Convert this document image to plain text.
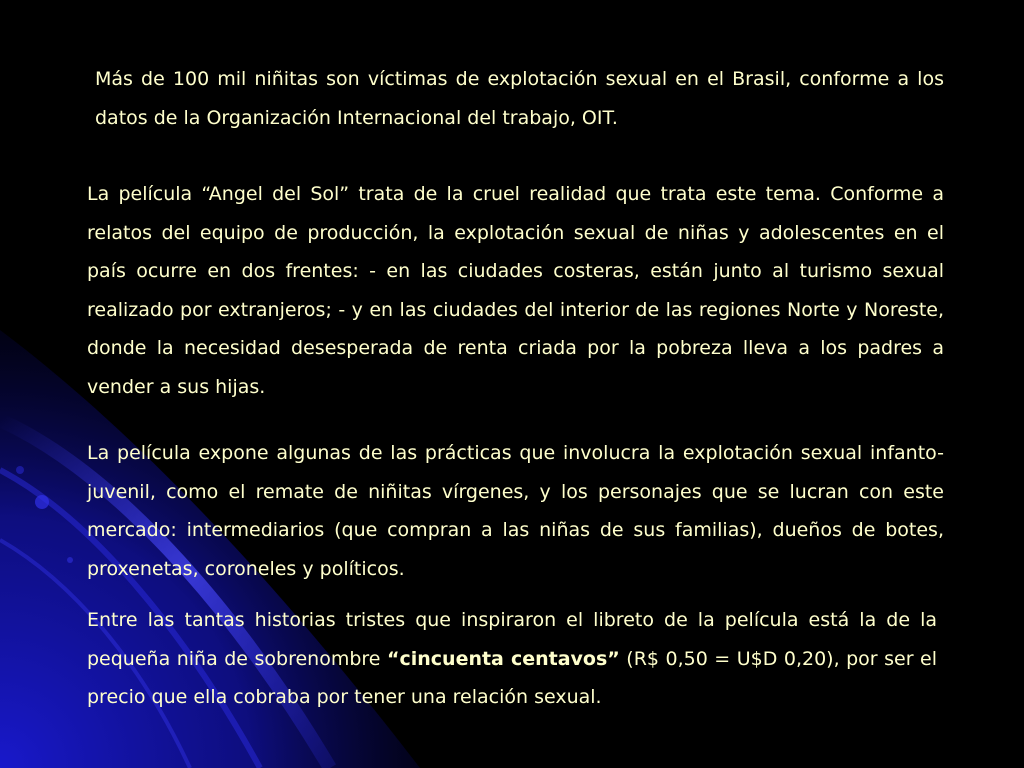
Más de 100 mil niñitas son víctimas de explotación sexual en el Brasil, conforme a los datos de la Organización Internacional del trabajo, OIT.

La película “Angel del Sol” trata de la cruel realidad que trata este tema. Conforme a relatos del equipo de producción, la explotación sexual de niñas y adolescentes en el país ocurre en dos frentes: - en las ciudades costeras, están junto al turismo sexual realizado por extranjeros; - y en las ciudades del interior de las regiones Norte y Noreste, donde la necesidad desesperada de renta criada por la pobreza lleva a los padres a vender a sus hijas.

La película expone algunas de las prácticas que involucra la explotación sexual infanto-juvenil, como el remate de niñitas vírgenes, y los personajes que se lucran con este mercado: intermediarios (que compran a las niñas de sus familias), dueños de botes, proxenetas, coroneles y políticos.

Entre las tantas historias tristes que inspiraron el libreto de la película está la de la pequeña niña de sobrenombre “cincuenta centavos” (R$ 0,50 = U$D 0,20), por ser el precio que ella cobraba por tener una relación sexual.
